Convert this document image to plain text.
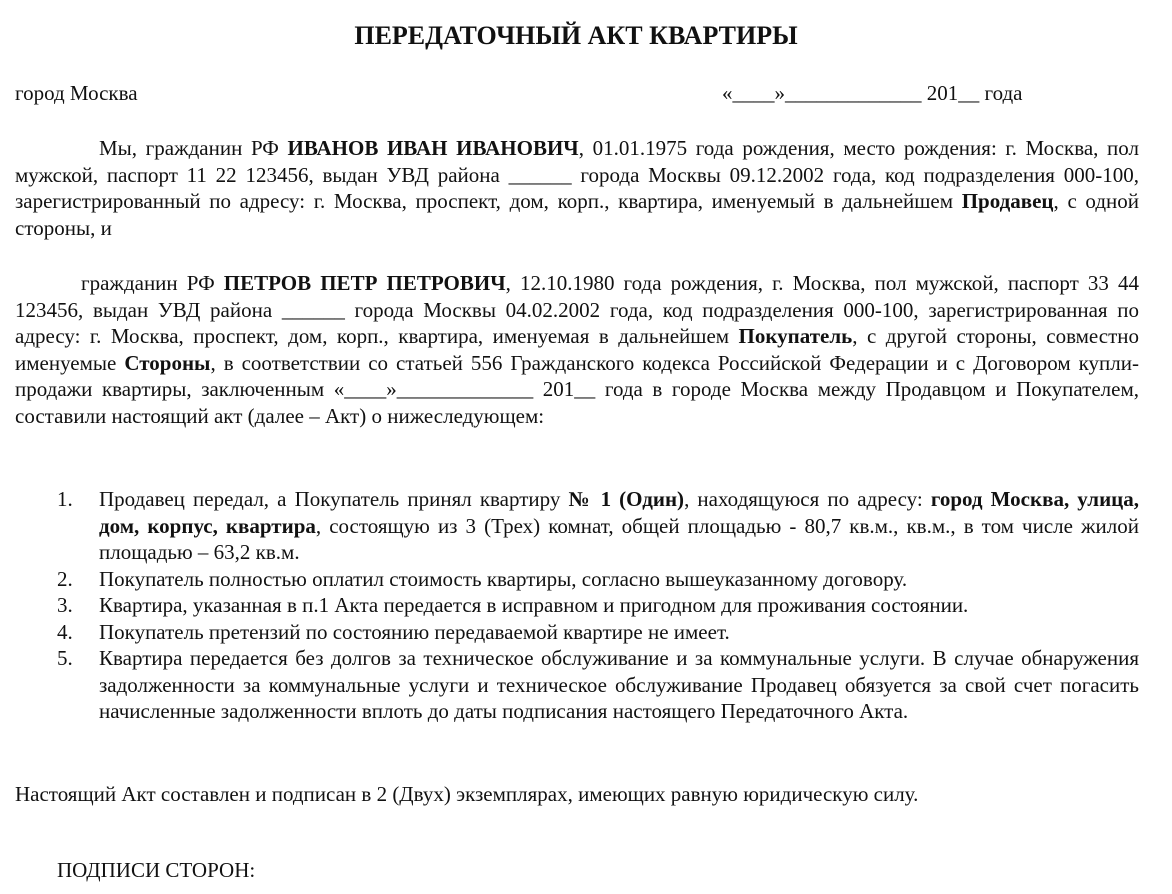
ПЕРЕДАТОЧНЫЙ АКТ КВАРТИРЫ
город Москва	«____»_____________ 201__ года

Мы, гражданин РФ ИВАНОВ ИВАН ИВАНОВИЧ, 01.01.1975 года рождения, место рождения: г. Москва, пол мужской, паспорт 11 22 123456, выдан УВД района ______ города Москвы 09.12.2002 года, код подразделения 000-100, зарегистрированный по адресу: г. Москва, проспект, дом, корп., квартира, именуемый в дальнейшем Продавец, с одной стороны, и

гражданин РФ ПЕТРОВ ПЕТР ПЕТРОВИЧ, 12.10.1980 года рождения, г. Москва, пол мужской, паспорт 33 44 123456, выдан УВД района ______ города Москвы 04.02.2002 года, код подразделения 000-100, зарегистрированная по адресу: г. Москва, проспект, дом, корп., квартира, именуемая в дальнейшем Покупатель, с другой стороны, совместно именуемые Стороны, в соответствии со статьей 556 Гражданского кодекса Российской Федерации и с Договором купли-продажи квартиры, заключенным «____»_____________ 201__ года в городе Москва между Продавцом и Покупателем, составили настоящий акт (далее – Акт) о нижеследующем:

1. Продавец передал, а Покупатель принял квартиру № 1 (Один), находящуюся по адресу: город Москва, улица, дом, корпус, квартира, состоящую из 3 (Трех) комнат, общей площадью - 80,7 кв.м., кв.м., в том числе жилой площадью – 63,2 кв.м.
2. Покупатель полностью оплатил стоимость квартиры, согласно вышеуказанному договору.
3. Квартира, указанная в п.1 Акта передается в исправном и пригодном для проживания состоянии.
4. Покупатель претензий по состоянию передаваемой квартире не имеет.
5. Квартира передается без долгов за техническое обслуживание и за коммунальные услуги. В случае обнаружения задолженности за коммунальные услуги и техническое обслуживание Продавец обязуется за свой счет погасить начисленные задолженности вплоть до даты подписания настоящего Передаточного Акта.

Настоящий Акт составлен и подписан в 2 (Двух) экземплярах, имеющих равную юридическую силу.

ПОДПИСИ СТОРОН:
